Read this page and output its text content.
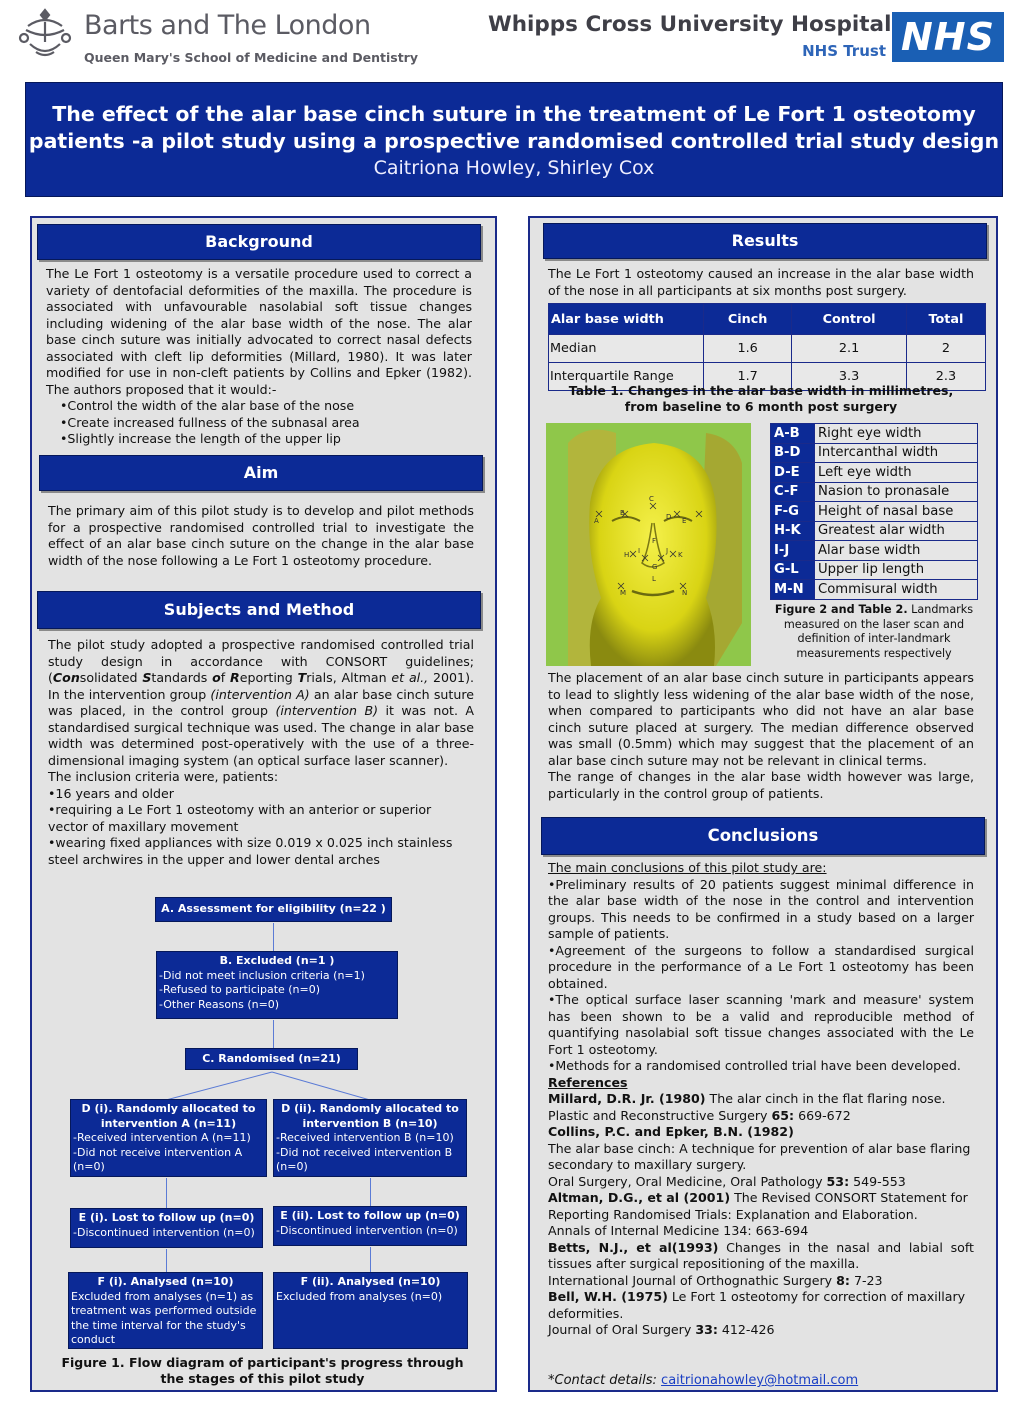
Barts and The London
Queen Mary's School of Medicine and Dentistry
Whipps Cross University Hospital
NHS Trust NHS
The effect of the alar base cinch suture in the treatment of Le Fort 1 osteotomy
patients -a pilot study using a prospective randomised controlled trial study design
Caitriona Howley, Shirley Cox
Background

The Le Fort 1 osteotomy is a versatile procedure used to correct a variety of dentofacial deformities of the maxilla. The procedure is associated with unfavourable nasolabial soft tissue changes including widening of the alar base width of the nose. The alar base cinch suture was initially advocated to correct nasal defects associated with cleft lip deformities (Millard, 1980). It was later modified for use in non-cleft patients by Collins and Epker (1982). The authors proposed that it would:-

•Control the width of the alar base of the nose
•Create increased fullness of the subnasal area
•Slightly increase the length of the upper lip
Aim
The primary aim of this pilot study is to develop and pilot methods for a prospective randomised controlled trial to investigate the effect of an alar base cinch suture on the change in the alar base width of the nose following a Le Fort 1 osteotomy procedure.
Subjects and Method

The pilot study adopted a prospective randomised controlled trial study design in accordance with CONSORT guidelines; (Consolidated Standards of Reporting Trials, Altman et al., 2001). In the intervention group (intervention A) an alar base cinch suture was placed, in the control group (intervention B) it was not. A standardised surgical technique was used. The change in alar base width was determined post-operatively with the use of a three-dimensional imaging system (an optical surface laser scanner).

The inclusion criteria were, patients:
•16 years and older
•requiring a Le Fort 1 osteotomy with an anterior or superior vector of maxillary movement
•wearing fixed appliances with size 0.019 x 0.025 inch stainless steel archwires in the upper and lower dental arches
A. Assessment for eligibility (n=22 )
B. Excluded (n=1 )
-Did not meet inclusion criteria (n=1)
-Refused to participate (n=0)
-Other Reasons (n=0)
C. Randomised (n=21)
D (i). Randomly allocated to intervention A (n=11)
-Received intervention A (n=11)
-Did not receive intervention A (n=0)
D (ii). Randomly allocated to intervention B (n=10)
-Received intervention B (n=10)
-Did not received intervention B (n=0)
E (i). Lost to follow up (n=0)
-Discontinued intervention (n=0)
E (ii). Lost to follow up (n=0)
-Discontinued intervention (n=0)
F (i). Analysed (n=10)
Excluded from analyses (n=1) as treatment was performed outside the time interval for the study's conduct
F (ii). Analysed (n=10)
Excluded from analyses (n=0)
Figure 1. Flow diagram of participant's progress through the stages of this pilot study
Results
The Le Fort 1 osteotomy caused an increase in the alar base width of the nose in all participants at six months post surgery.
Alar base width	Cinch	Control	Total
Median	1.6	2.1	2
Interquartile Range	1.7	3.3	2.3
Table 1. Changes in the alar base width in millimetres, from baseline to 6 month post surgery
A
B
C
D E
F
G
H I	J K
L
M	N
A-B	Right eye width
B-D	Intercanthal width
D-E	Left eye width
C-F	Nasion to pronasale
F-G	Height of nasal base
H-K	Greatest alar width
I-J	Alar base width
G-L	Upper lip length
M-N	Commisural width
Figure 2 and Table 2. Landmarks measured on the laser scan and definition of inter-landmark measurements respectively

The placement of an alar base cinch suture in participants appears to lead to slightly less widening of the alar base width of the nose, when compared to participants who did not have an alar base cinch suture placed at surgery. The median difference observed was small (0.5mm) which may suggest that the placement of an alar base cinch suture may not be relevant in clinical terms.

The range of changes in the alar base width however was large, particularly in the control group of patients.

Conclusions
The main conclusions of this pilot study are:

•Preliminary results of 20 patients suggest minimal difference in the alar base width of the nose in the control and intervention groups. This needs to be confirmed in a study based on a larger sample of patients.

•Agreement of the surgeons to follow a standardised surgical procedure in the performance of a Le Fort 1 osteotomy has been obtained.

•The optical surface laser scanning 'mark and measure' system has been shown to be a valid and reproducible method of quantifying nasolabial soft tissue changes associated with the Le Fort 1 osteotomy.

•Methods for a randomised controlled trial have been developed.

References

Millard, D.R. Jr. (1980) The alar cinch in the flat flaring nose.

Plastic and Reconstructive Surgery 65: 669-672

Collins, P.C. and Epker, B.N. (1982)

The alar base cinch: A technique for prevention of alar base flaring secondary to maxillary surgery.

Oral Surgery, Oral Medicine, Oral Pathology 53: 549-553

Altman, D.G., et al (2001) The Revised CONSORT Statement for Reporting Randomised Trials: Explanation and Elaboration.

Annals of Internal Medicine 134: 663-694

Betts, N.J., et al(1993) Changes in the nasal and labial soft tissues after surgical repositioning of the maxilla.

International Journal of Orthognathic Surgery 8: 7-23

Bell, W.H. (1975) Le Fort 1 osteotomy for correction of maxillary deformities.

Journal of Oral Surgery 33: 412-426

*Contact details: caitrionahowley@hotmail.com
